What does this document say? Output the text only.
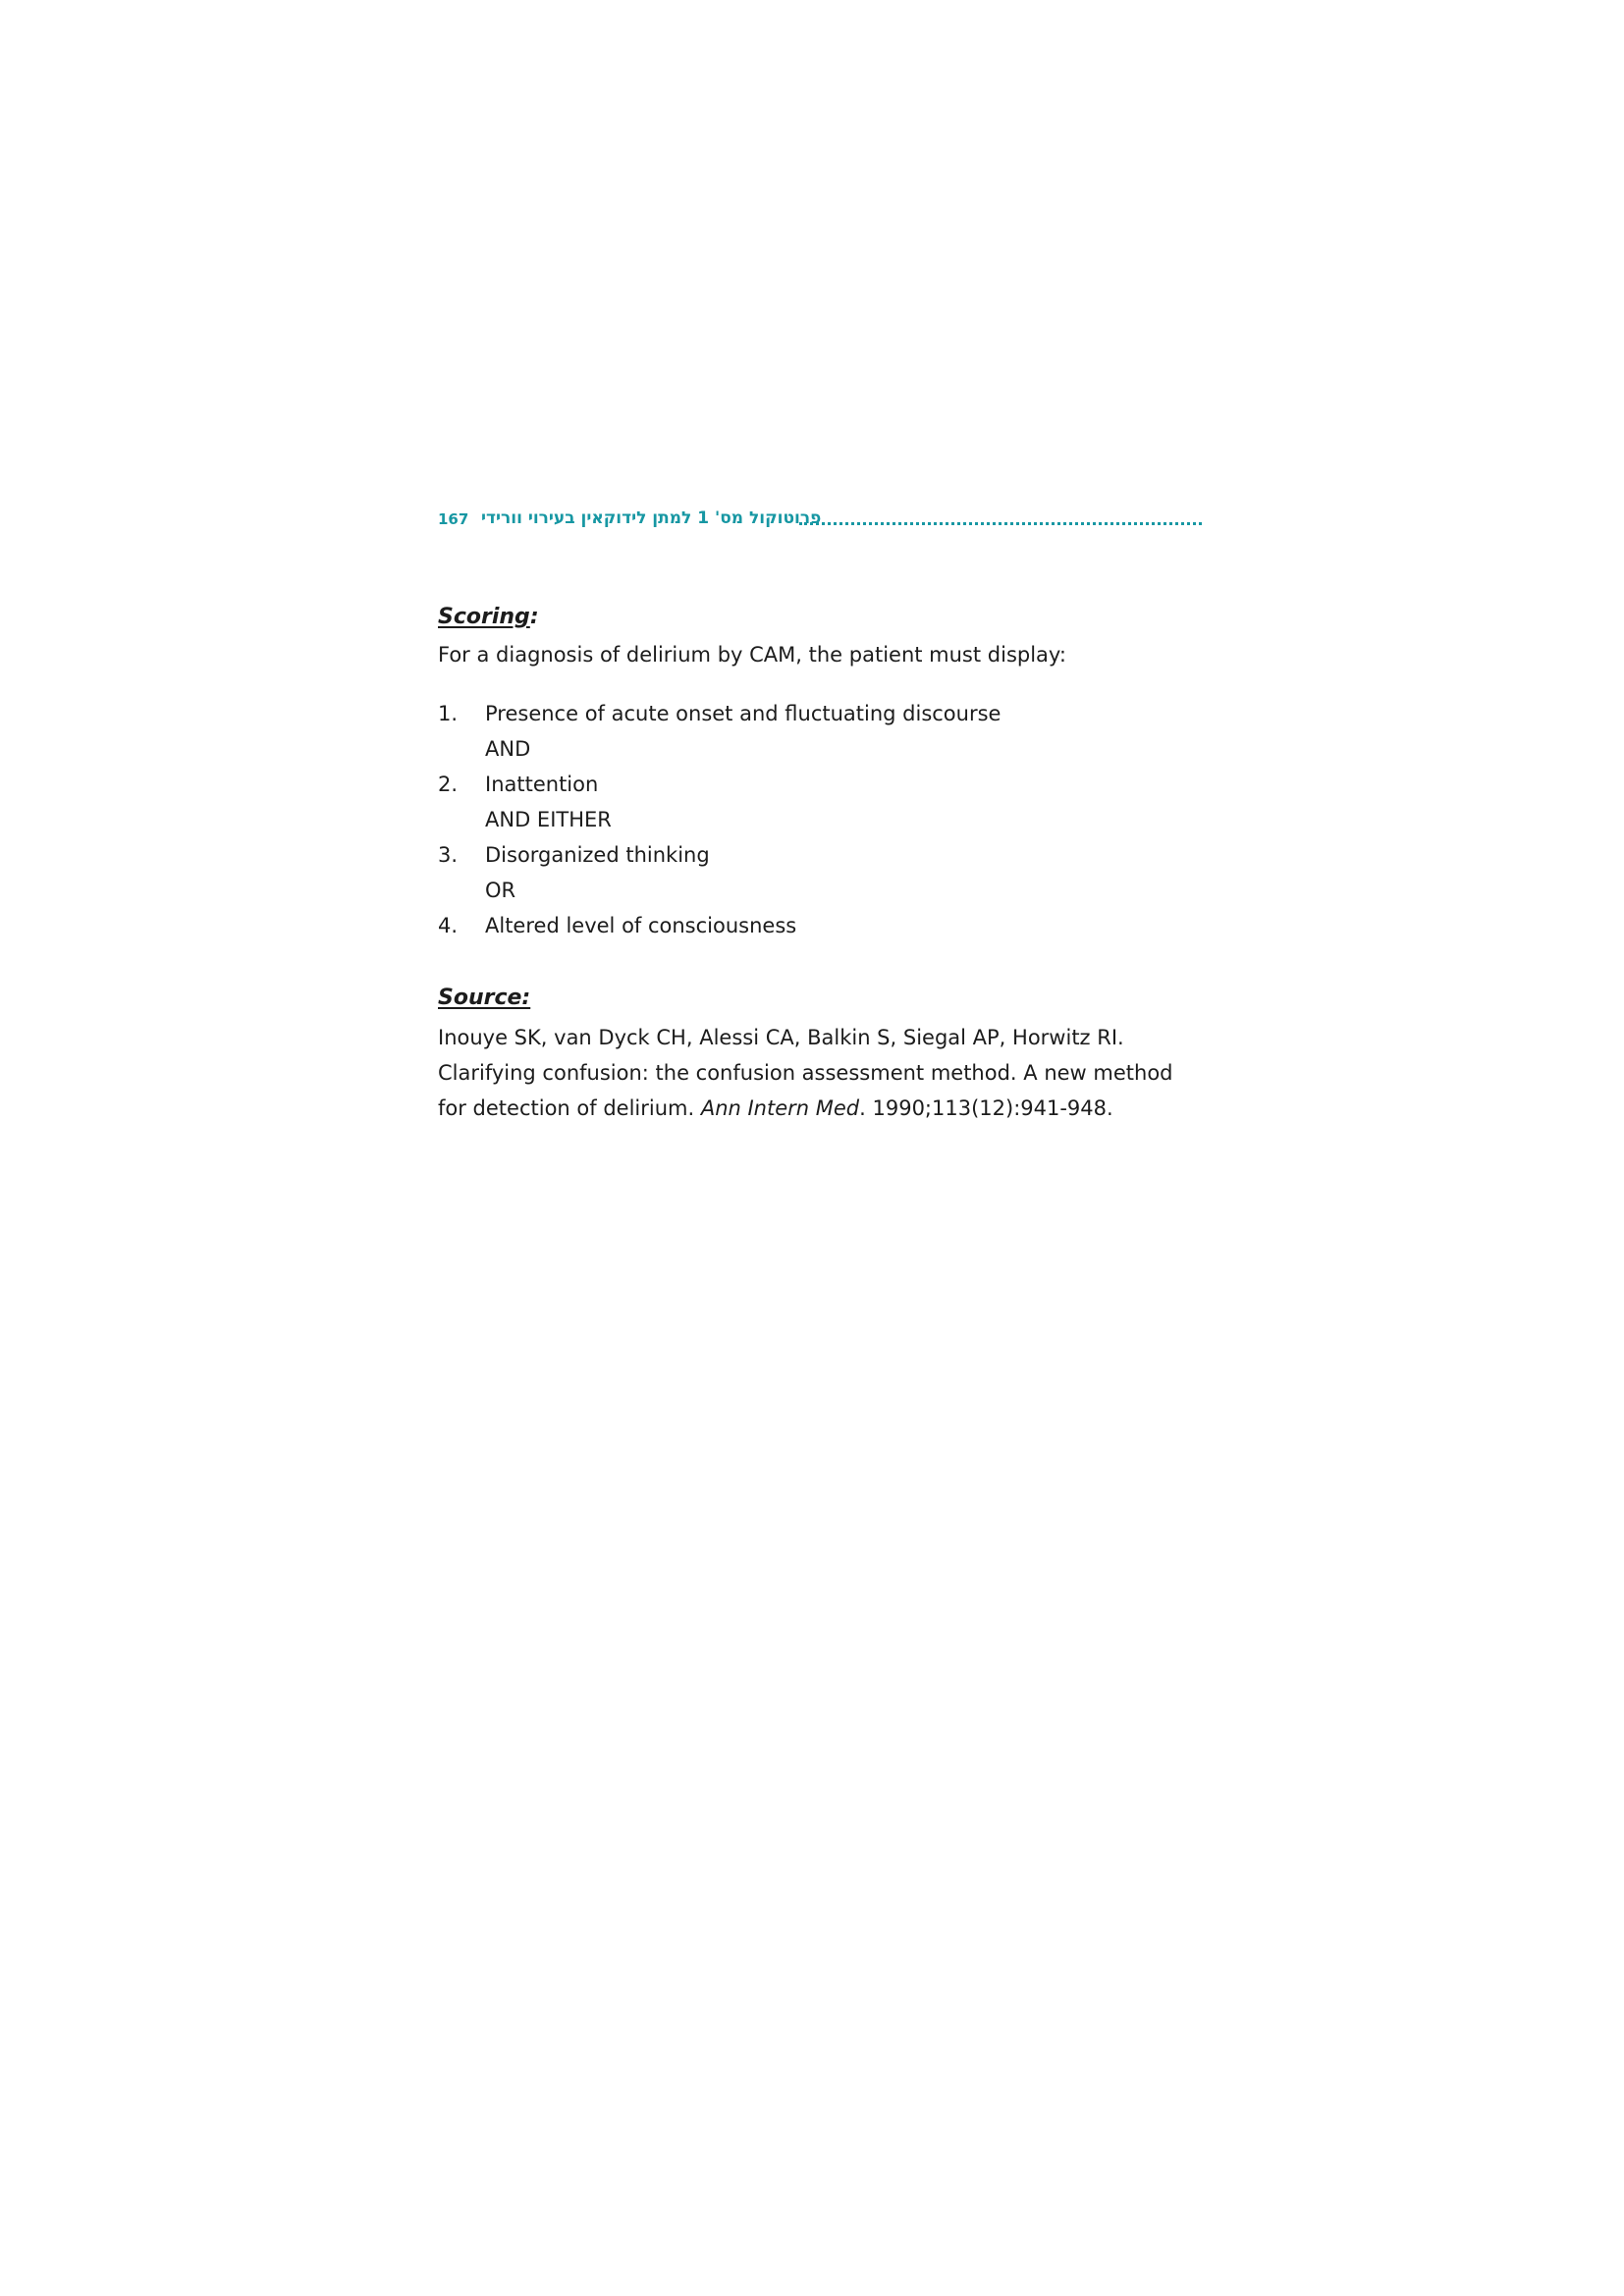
167 פרוטוקול מס' 1 למתן לידוקאין בעירוי וורידי
Scoring:
For a diagnosis of delirium by CAM, the patient must display:
1. Presence of acute onset and fluctuating discourse
AND
2. Inattention
AND EITHER
3. Disorganized thinking
OR
4. Altered level of consciousness
Source:
Inouye SK, van Dyck CH, Alessi CA, Balkin S, Siegal AP, Horwitz RI. Clarifying confusion: the confusion assessment method. A new method for detection of delirium. Ann Intern Med. 1990;113(12):941-948.
